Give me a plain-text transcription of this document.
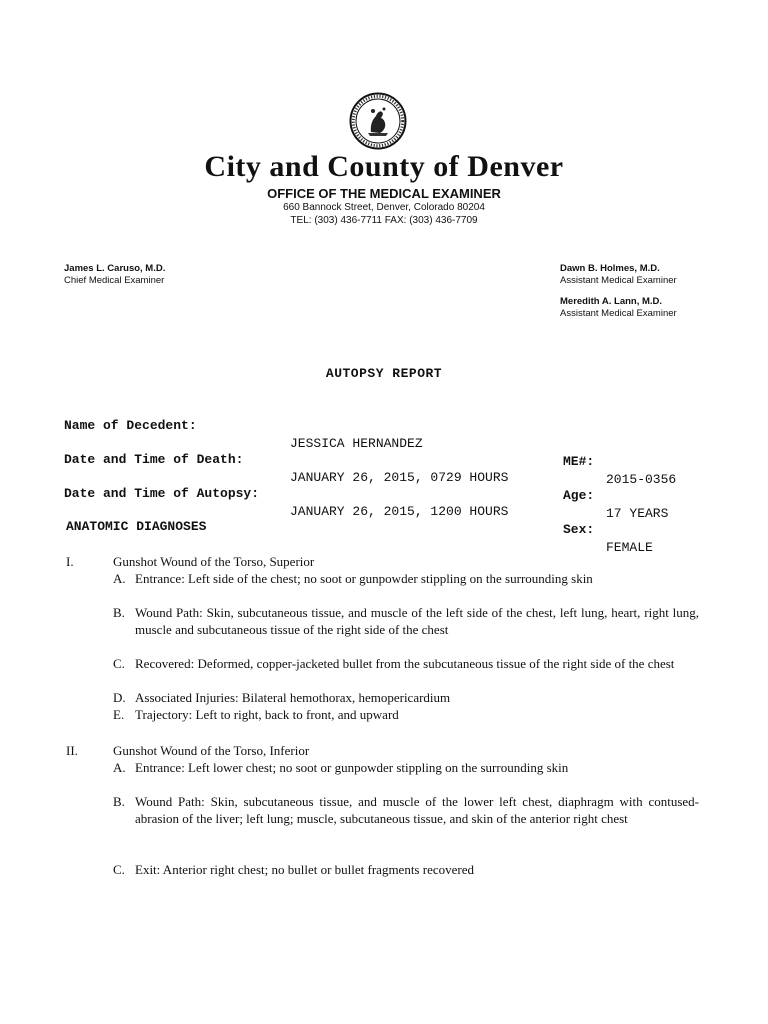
City and County of Denver
OFFICE OF THE MEDICAL EXAMINER
660 Bannock Street, Denver, Colorado 80204
TEL: (303) 436-7711 FAX: (303) 436-7709
James L. Caruso, M.D.
Chief Medical Examiner
Dawn B. Holmes, M.D.
Assistant Medical Examiner
Meredith A. Lann, M.D.
Assistant Medical Examiner
AUTOPSY REPORT

Name of Decedent:

JESSICA HERNANDEZ

ME#:

2015-0356

Date and Time of Death:

JANUARY 26, 2015, 0729 HOURS

Age:

17 YEARS

Date and Time of Autopsy:

JANUARY 26, 2015, 1200 HOURS

Sex:

FEMALE

ANATOMIC DIAGNOSES
I.	Gunshot Wound of the Torso, Superior
A. Entrance: Left side of the chest; no soot or gunpowder stippling on the surrounding skin
B. Wound Path: Skin, subcutaneous tissue, and muscle of the left side of the chest, left lung, heart, right lung, muscle and subcutaneous tissue of the right side of the chest
C. Recovered: Deformed, copper-jacketed bullet from the subcutaneous tissue of the right side of the chest
D. Associated Injuries: Bilateral hemothorax, hemopericardium
E. Trajectory: Left to right, back to front, and upward
II.	Gunshot Wound of the Torso, Inferior
A. Entrance: Left lower chest; no soot or gunpowder stippling on the surrounding skin
B. Wound Path: Skin, subcutaneous tissue, and muscle of the lower left chest, diaphragm with contused-abrasion of the liver; left lung; muscle, subcutaneous tissue, and skin of the anterior right chest
C. Exit: Anterior right chest; no bullet or bullet fragments recovered
